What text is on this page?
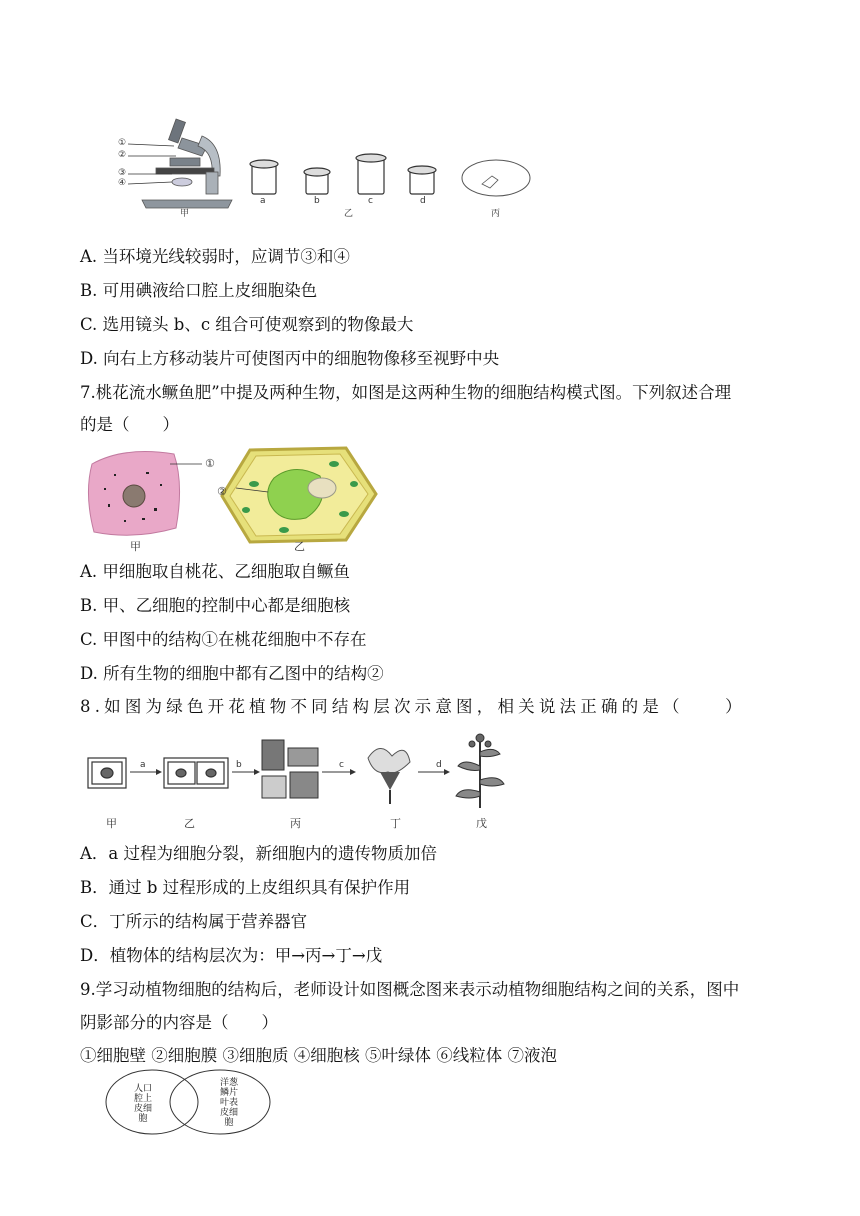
①
②
③
④
a	b	c	d
甲	乙	丙
A. 当环境光线较弱时，应调节③和④
B. 可用碘液给口腔上皮细胞染色
C. 选用镜头 b、c 组合可使观察到的物像最大
D. 向右上方移动装片可使图丙中的细胞物像移至视野中央
7.桃花流水鳜鱼肥”中提及两种生物，如图是这两种生物的细胞结构模式图。下列叙述合理
的是（　　）
①
②
甲	乙
A. 甲细胞取自桃花、乙细胞取自鳜鱼
B. 甲、乙细胞的控制中心都是细胞核
C. 甲图中的结构①在桃花细胞中不存在
D. 所有生物的细胞中都有乙图中的结构②
8.如图为绿色开花植物不同结构层次示意图，相关说法正确的是（　　）
a	b	c	d
甲	乙	丙	丁	戊
A．a 过程为细胞分裂，新细胞内的遗传物质加倍
B．通过 b 过程形成的上皮组织具有保护作用
C．丁所示的结构属于营养器官
D．植物体的结构层次为：甲→丙→丁→戊
9.学习动植物细胞的结构后，老师设计如图概念图来表示动植物细胞结构之间的关系，图中
阴影部分的内容是（　　）
①细胞壁 ②细胞膜 ③细胞质 ④细胞核 ⑤叶绿体 ⑥线粒体 ⑦液泡
人口
腔上
皮细
胞
洋葱
鳞片
叶表
皮细
胞
